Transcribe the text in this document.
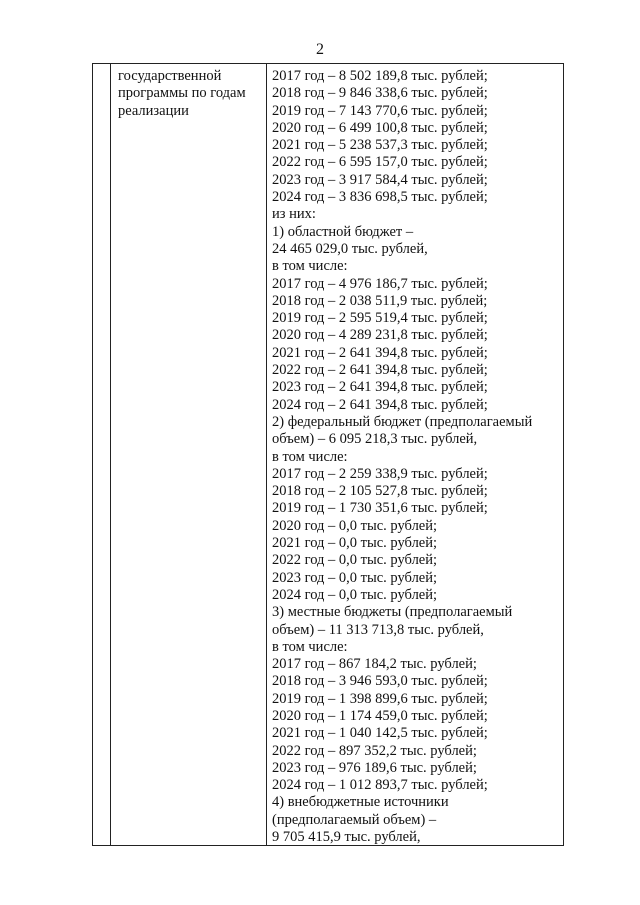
2
государственной
программы по годам
реализации
2017 год – 8 502 189,8 тыс. рублей;
2018 год – 9 846 338,6 тыс. рублей;
2019 год – 7 143 770,6 тыс. рублей;
2020 год – 6 499 100,8 тыс. рублей;
2021 год – 5 238 537,3 тыс. рублей;
2022 год – 6 595 157,0 тыс. рублей;
2023 год – 3 917 584,4 тыс. рублей;
2024 год – 3 836 698,5 тыс. рублей;
из них:
1) областной бюджет –
24 465 029,0 тыс. рублей,
в том числе:
2017 год – 4 976 186,7 тыс. рублей;
2018 год – 2 038 511,9 тыс. рублей;
2019 год – 2 595 519,4 тыс. рублей;
2020 год – 4 289 231,8 тыс. рублей;
2021 год – 2 641 394,8 тыс. рублей;
2022 год – 2 641 394,8 тыс. рублей;
2023 год – 2 641 394,8 тыс. рублей;
2024 год – 2 641 394,8 тыс. рублей;
2) федеральный бюджет (предполагаемый
объем) – 6 095 218,3 тыс. рублей,
в том числе:
2017 год – 2 259 338,9 тыс. рублей;
2018 год – 2 105 527,8 тыс. рублей;
2019 год – 1 730 351,6 тыс. рублей;
2020 год – 0,0 тыс. рублей;
2021 год – 0,0 тыс. рублей;
2022 год – 0,0 тыс. рублей;
2023 год – 0,0 тыс. рублей;
2024 год – 0,0 тыс. рублей;
3) местные бюджеты (предполагаемый
объем) – 11 313 713,8 тыс. рублей,
в том числе:
2017 год – 867 184,2 тыс. рублей;
2018 год – 3 946 593,0 тыс. рублей;
2019 год – 1 398 899,6 тыс. рублей;
2020 год – 1 174 459,0 тыс. рублей;
2021 год – 1 040 142,5 тыс. рублей;
2022 год – 897 352,2 тыс. рублей;
2023 год – 976 189,6 тыс. рублей;
2024 год – 1 012 893,7 тыс. рублей;
4) внебюджетные источники
(предполагаемый объем) –
9 705 415,9 тыс. рублей,
